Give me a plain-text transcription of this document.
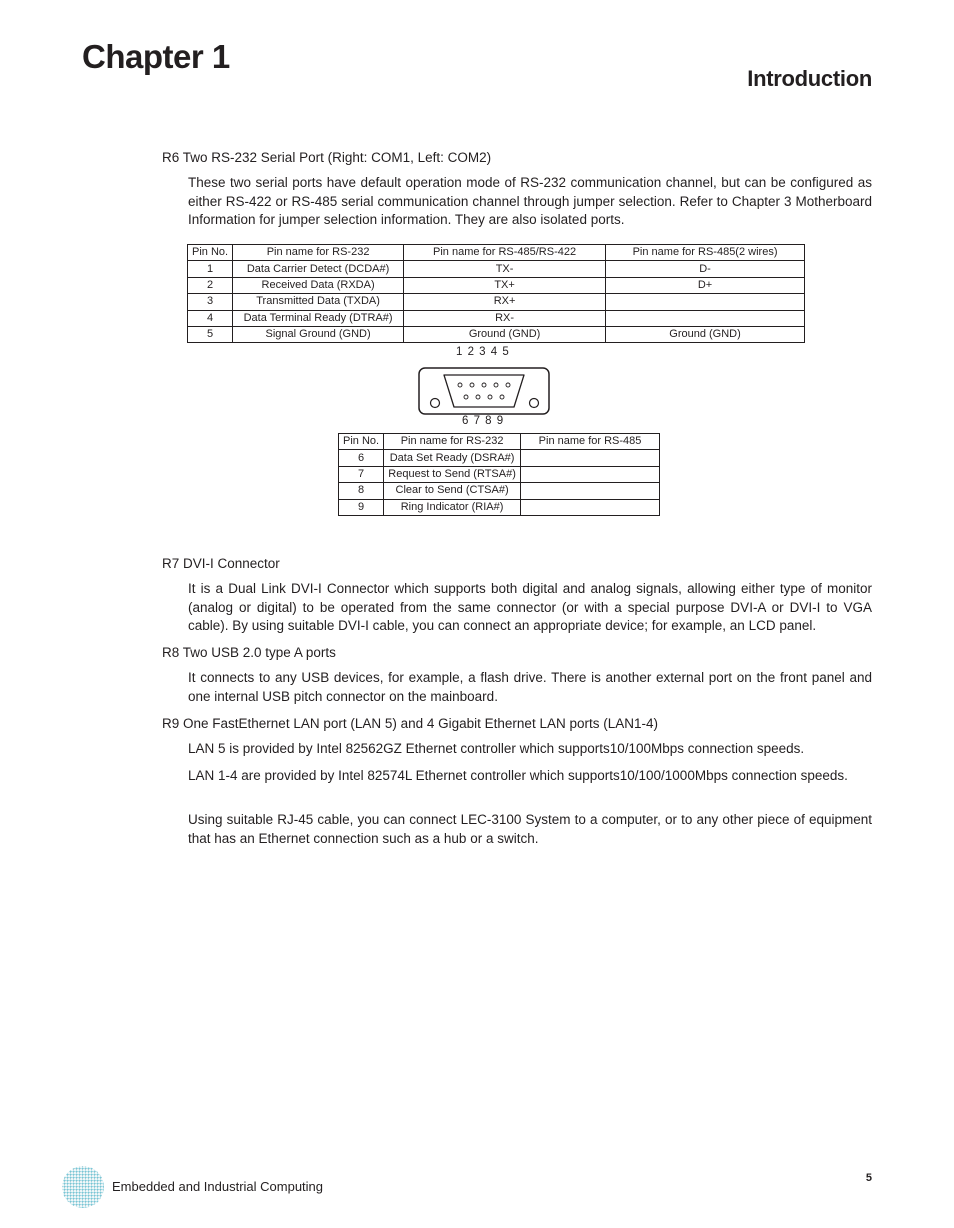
Chapter 1
Introduction

R6 Two RS-232 Serial Port (Right: COM1, Left: COM2)

These two serial ports have default operation mode of RS-232 communication channel, but can be configured as either RS-422 or RS-485 serial communication channel through jumper selection. Refer to Chapter 3 Motherboard Information for jumper selection information. They are also isolated ports.

Pin No.	Pin name for RS-232	Pin name for RS-485/RS-422	Pin name for RS-485(2 wires)
1	Data Carrier Detect (DCDA#)	TX-	D-
2	Received Data (RXDA)	TX+	D+
3	Transmitted Data (TXDA)	RX+	
4	Data Terminal Ready (DTRA#)	RX-	
5	Signal Ground (GND)	Ground (GND)	Ground (GND)
1 2 3 4 5
6 7 8 9
Pin No.	Pin name for RS-232	Pin name for RS-485
6	Data Set Ready (DSRA#)	
7	Request to Send (RTSA#)	
8	Clear to Send (CTSA#)	
9	Ring Indicator (RIA#)	

R7 DVI-I Connector

It is a Dual Link DVI-I Connector which supports both digital and analog signals, allowing either type of monitor (analog or digital) to be operated from the same connector (or with a special purpose DVI-A or DVI-I to VGA cable). By using suitable DVI-I cable, you can connect an appropriate device; for example, an LCD panel.

R8 Two USB 2.0 type A ports

It connects to any USB devices, for example, a flash drive. There is another external port on the front panel and one internal USB pitch connector on the mainboard.

R9 One FastEthernet LAN port (LAN 5) and 4 Gigabit Ethernet LAN ports (LAN1-4)

LAN 5 is provided by Intel 82562GZ Ethernet controller which supports10/100Mbps connection speeds.

LAN 1-4 are provided by Intel 82574L Ethernet controller which supports10/100/1000Mbps connection speeds.

Using suitable RJ-45 cable, you can connect LEC-3100 System to a computer, or to any other piece of equipment that has an Ethernet connection such as a hub or a switch.

Embedded and Industrial Computing
5
